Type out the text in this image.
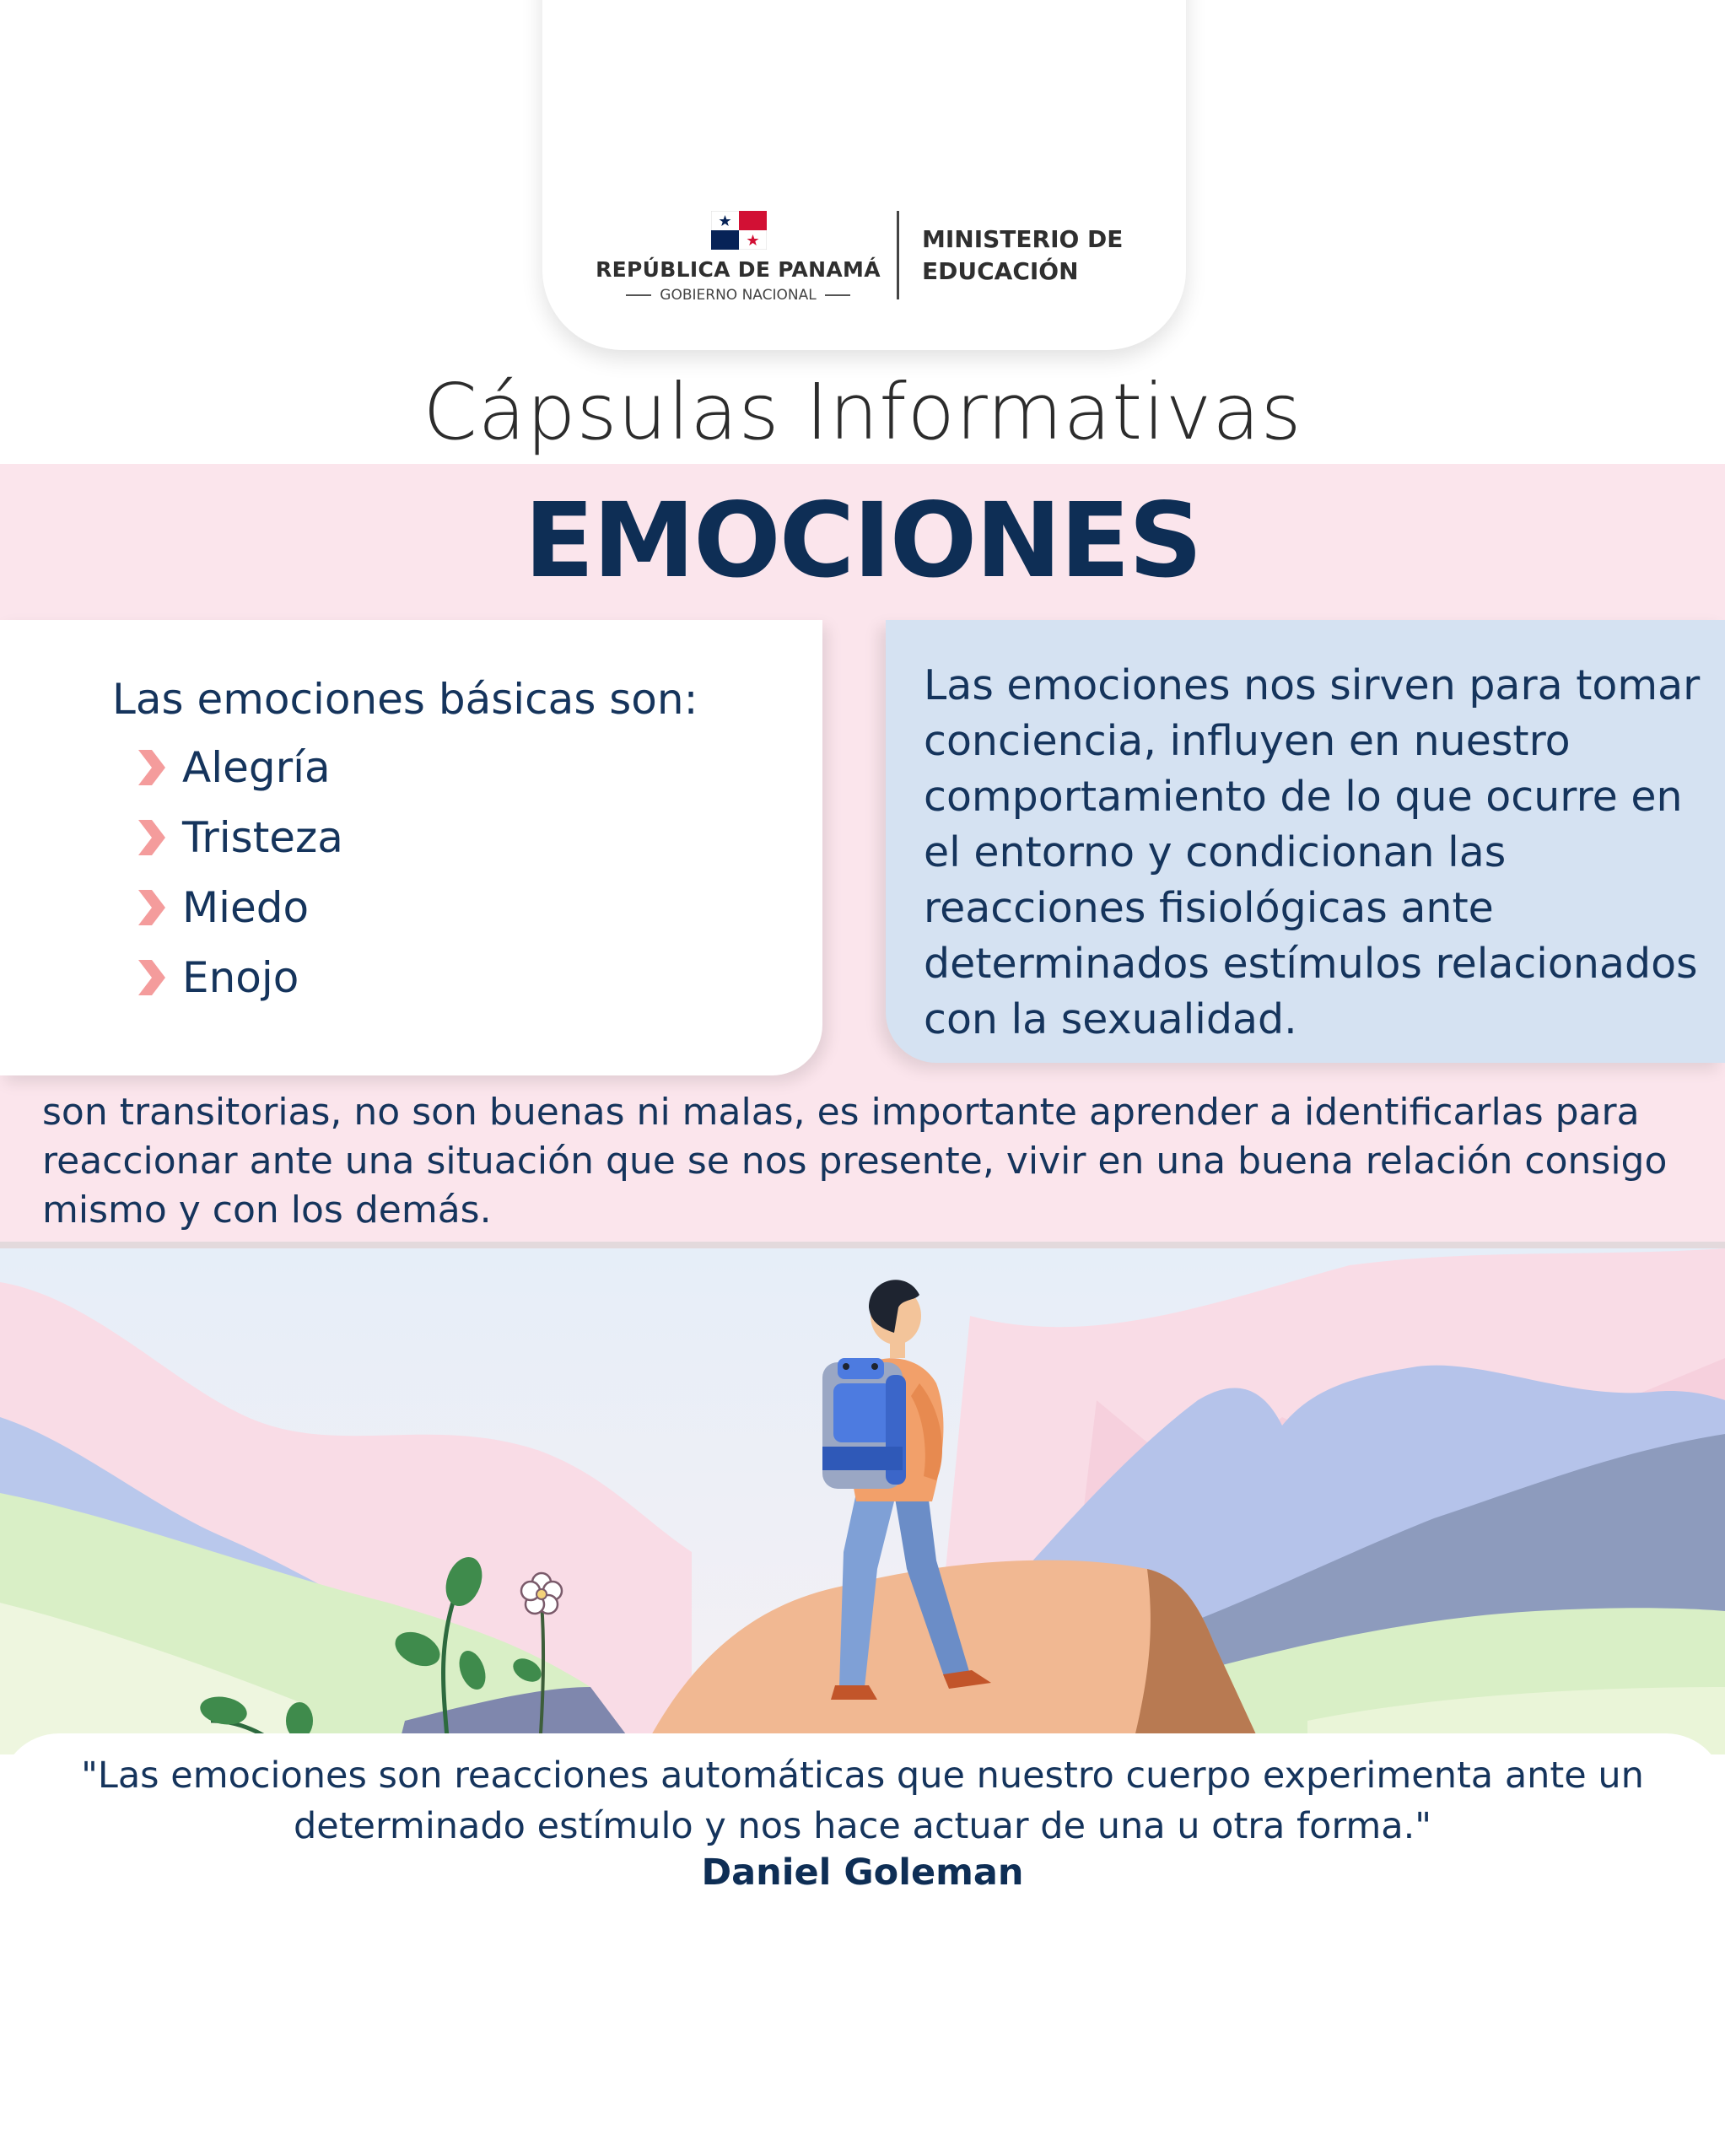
REPÚBLICA DE PANAMÁ
GOBIERNO NACIONAL
MINISTERIO DE
EDUCACIÓN
Cápsulas Informativas
EMOCIONES
Las emociones básicas son:
Alegría
Tristeza
Miedo
Enojo
Las emociones nos sirven para tomar conciencia, influyen en nuestro comportamiento de lo que ocurre en el entorno y condicionan las reacciones fisiológicas ante determinados estímulos relacionados con la sexualidad.
son transitorias, no son buenas ni malas, es importante aprender a identificarlas para reaccionar ante una situación que se nos presente, vivir en una buena relación consigo mismo y con los demás.
"Las emociones son reacciones automáticas que nuestro cuerpo experimenta ante un determinado estímulo y nos hace actuar de una u otra forma."
Daniel Goleman
